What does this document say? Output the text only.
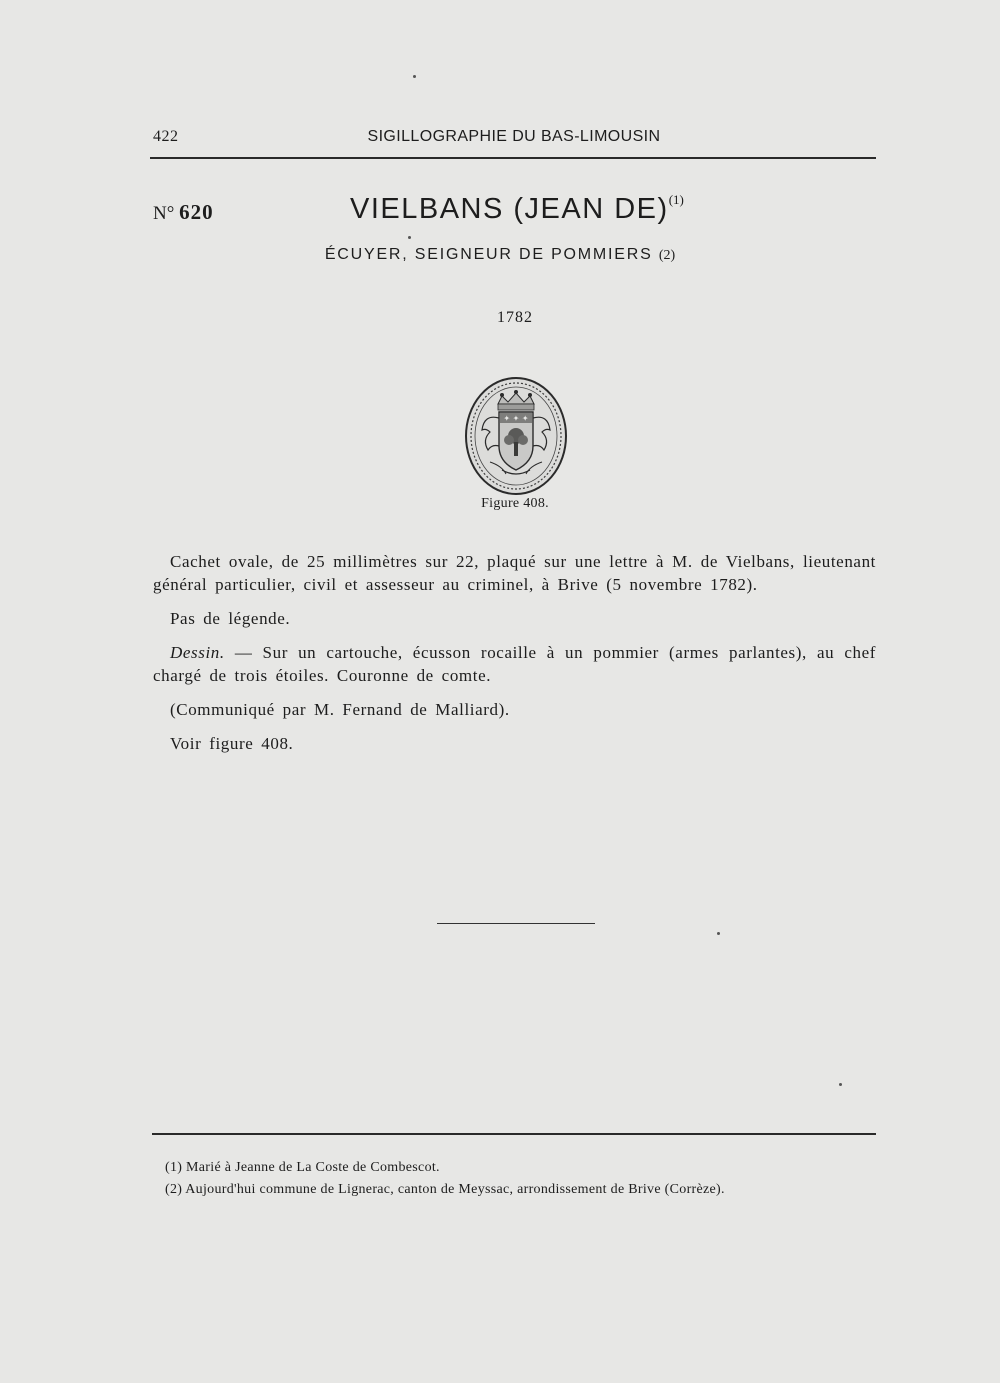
422	SIGILLOGRAPHIE DU BAS-LIMOUSIN
N° 620	VIELBANS (JEAN DE)$^{(1)}$
ÉCUYER, SEIGNEUR DE POMMIERS (2)
1782
✦ ✦ ✦
Figure 408.

Cachet ovale, de 25 millimètres sur 22, plaqué sur une lettre à M. de Vielbans, lieutenant général particulier, civil et assesseur au criminel, à Brive (5 novembre 1782).

Pas de légende.

Dessin. — Sur un cartouche, écusson rocaille à un pommier (armes parlantes), au chef chargé de trois étoiles. Couronne de comte.

(Communiqué par M. Fernand de Malliard).

Voir figure 408.

(1) Marié à Jeanne de La Coste de Combescot.

(2) Aujourd'hui commune de Lignerac, canton de Meyssac, arrondissement de Brive (Corrèze).
